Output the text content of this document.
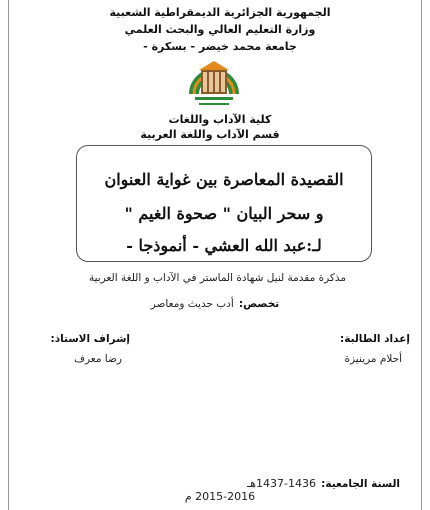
الجمهورية الجزائرية الديمقراطية الشعبية
وزارة التعليم العالي والبحث العلمي
جامعة محمد خيضر - بسكرة -
كلية الآداب واللغات
قسم الآداب واللغة العربية
القصيدة المعاصرة بين غواية العنوان
و سحر البيان " صحوة الغيم "
لـ:عبد الله العشي - أنموذجا -
مذكرة مقدمة لنيل شهادة الماستر في الآداب و اللغة العربية
تخصص: أدب حديث ومعاصر
إعداد الطالبة:
إشراف الاستاذ:
أحلام مرينيزة
رضا معرف
السنة الجامعية: 1436-1437هـ
2015-2016 م
